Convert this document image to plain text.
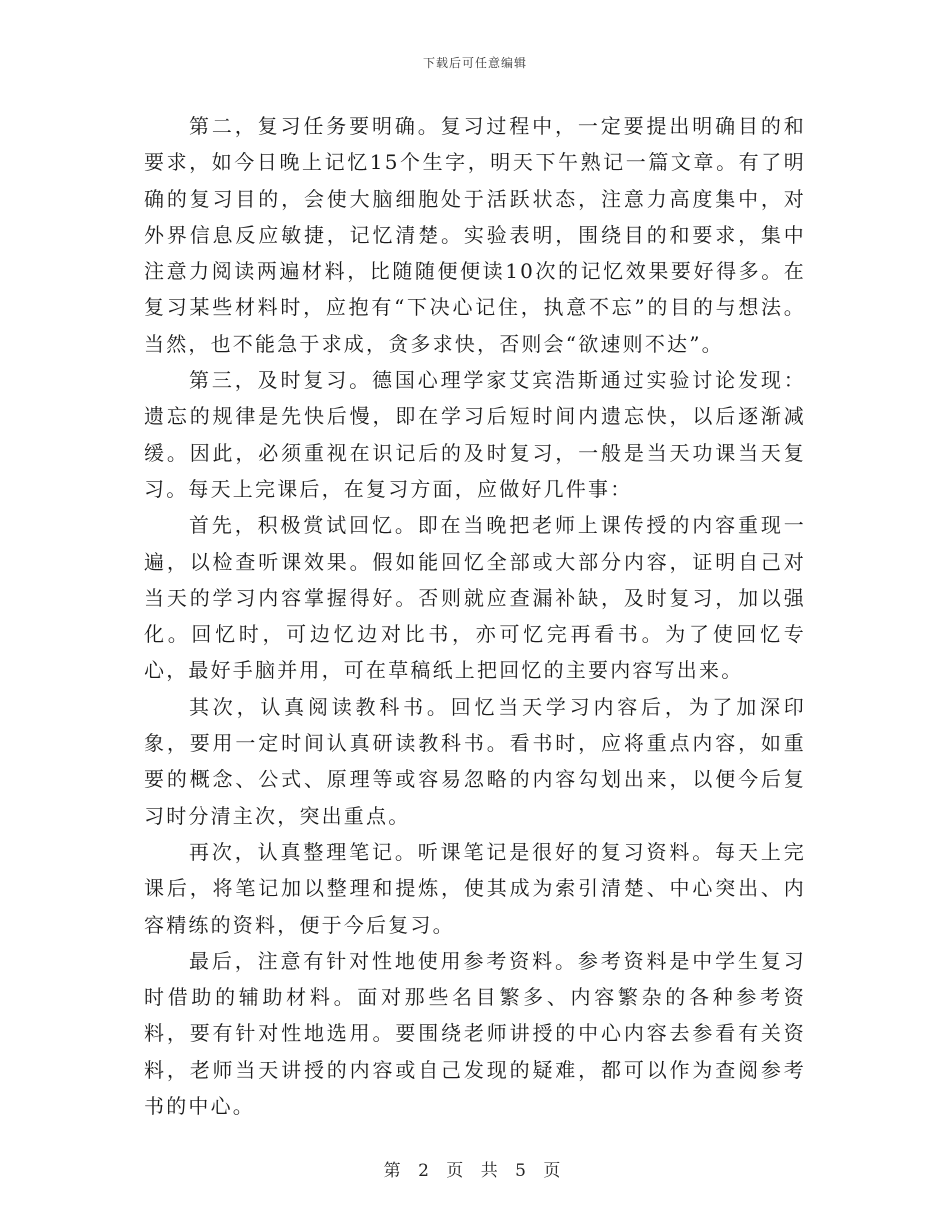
下载后可任意编辑

第二，复习任务要明确。复习过程中，一定要提出明确目的和要求，如今日晚上记忆15个生字，明天下午熟记一篇文章。有了明确的复习目的，会使大脑细胞处于活跃状态，注意力高度集中，对外界信息反应敏捷，记忆清楚。实验表明，围绕目的和要求，集中注意力阅读两遍材料，比随随便便读10次的记忆效果要好得多。在复习某些材料时，应抱有“下决心记住，执意不忘”的目的与想法。当然，也不能急于求成，贪多求快，否则会“欲速则不达”。

第三，及时复习。德国心理学家艾宾浩斯通过实验讨论发现：遗忘的规律是先快后慢，即在学习后短时间内遗忘快，以后逐渐减缓。因此，必须重视在识记后的及时复习，一般是当天功课当天复习。每天上完课后，在复习方面，应做好几件事：

首先，积极赏试回忆。即在当晚把老师上课传授的内容重现一遍，以检查听课效果。假如能回忆全部或大部分内容，证明自己对当天的学习内容掌握得好。否则就应查漏补缺，及时复习，加以强化。回忆时，可边忆边对比书，亦可忆完再看书。为了使回忆专心，最好手脑并用，可在草稿纸上把回忆的主要内容写出来。

其次，认真阅读教科书。回忆当天学习内容后，为了加深印象，要用一定时间认真研读教科书。看书时，应将重点内容，如重要的概念、公式、原理等或容易忽略的内容勾划出来，以便今后复习时分清主次，突出重点。

再次，认真整理笔记。听课笔记是很好的复习资料。每天上完课后，将笔记加以整理和提炼，使其成为索引清楚、中心突出、内容精练的资料，便于今后复习。

最后，注意有针对性地使用参考资料。参考资料是中学生复习时借助的辅助材料。面对那些名目繁多、内容繁杂的各种参考资料，要有针对性地选用。要围绕老师讲授的中心内容去参看有关资料，老师当天讲授的内容或自己发现的疑难，都可以作为查阅参考书的中心。

第 2 页 共 5 页
